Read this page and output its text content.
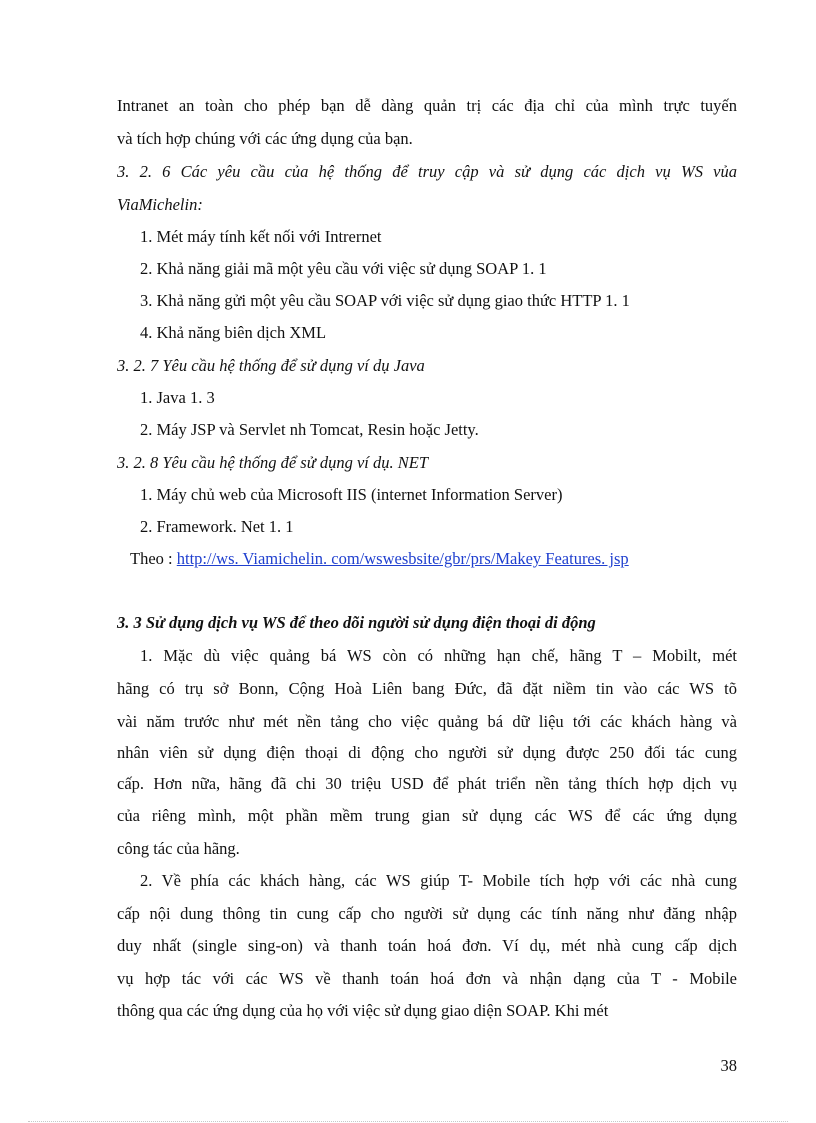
Intranet an toàn cho phép bạn dễ dàng quản trị các địa chỉ của mình trực tuyến

và tích hợp chúng với các ứng dụng của bạn.

3. 2. 6 Các yêu cầu của hệ thống để truy cập và sử dụng các dịch vụ WS vủa

ViaMichelin:

1. Mét máy tính kết nối với Intrernet

2. Khả năng giải mã một yêu cầu với việc sử dụng SOAP 1. 1

3. Khả năng gửi một yêu cầu SOAP với việc sử dụng giao thức HTTP 1. 1

4. Khả năng biên dịch XML

3. 2. 7 Yêu cầu hệ thống để sử dụng ví dụ Java

1. Java 1. 3

2. Máy JSP và Servlet nh Tomcat, Resin hoặc Jetty.

3. 2. 8 Yêu cầu hệ thống để sử dụng ví dụ. NET

1. Máy chủ web của Microsoft IIS (internet Information Server)

2. Framework. Net 1. 1

Theo : http://ws. Viamichelin. com/wswesbsite/gbr/prs/Makey Features. jsp

3. 3 Sử dụng dịch vụ WS để theo dõi người sử dụng điện thoại di động

1. Mặc dù việc quảng bá WS còn có những hạn chế, hãng T – Mobilt, mét

hãng có trụ sở Bonn, Cộng Hoà Liên bang Đức, đã đặt niềm tin vào các WS tõ

vài năm trước như mét nền tảng cho việc quảng bá dữ liệu tới các khách hàng và

nhân viên sử dụng điện thoại di động cho người sử dụng được 250 đối tác cung

cấp. Hơn nữa, hãng đã chi 30 triệu USD để phát triển nền tảng thích hợp dịch vụ

của riêng mình, một phần mềm trung gian sử dụng các WS để các ứng dụng

công tác của hãng.

2. Về phía các khách hàng, các WS giúp T- Mobile tích hợp với các nhà cung

cấp nội dung thông tin cung cấp cho người sử dụng các tính năng như đăng nhập

duy nhất (single sing-on) và thanh toán hoá đơn. Ví dụ, mét nhà cung cấp dịch

vụ hợp tác với các WS về thanh toán hoá đơn và nhận dạng của T - Mobile

thông qua các ứng dụng của họ với việc sử dụng giao diện SOAP. Khi mét

38
